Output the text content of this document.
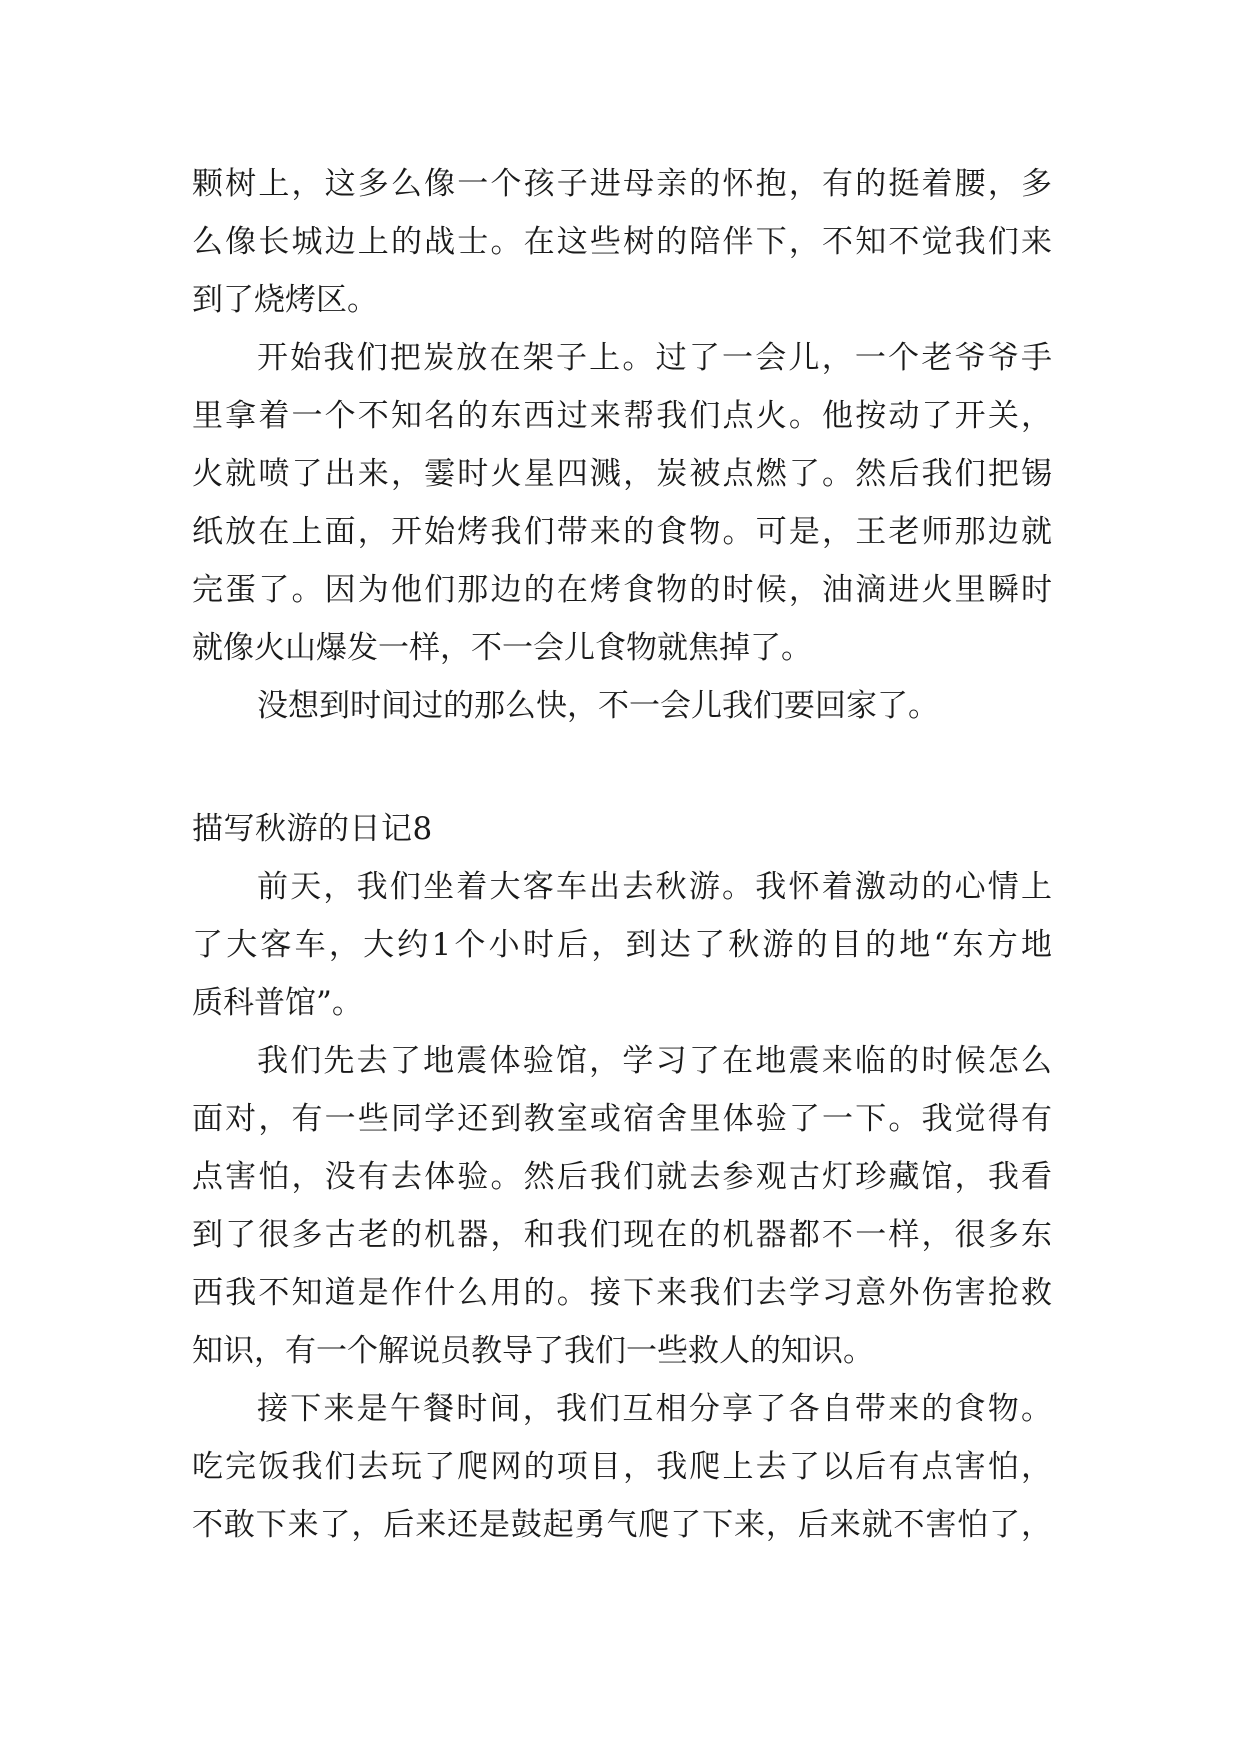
颗树上，这多么像一个孩子进母亲的怀抱，有的挺着腰，多
么像长城边上的战士。在这些树的陪伴下，不知不觉我们来
到了烧烤区。
开始我们把炭放在架子上。过了一会儿，一个老爷爷手
里拿着一个不知名的东西过来帮我们点火。他按动了开关，
火就喷了出来，霎时火星四溅，炭被点燃了。然后我们把锡
纸放在上面，开始烤我们带来的食物。可是，王老师那边就
完蛋了。因为他们那边的在烤食物的时候，油滴进火里瞬时
就像火山爆发一样，不一会儿食物就焦掉了。
没想到时间过的那么快，不一会儿我们要回家了。
描写秋游的日记8
前天，我们坐着大客车出去秋游。我怀着激动的心情上
了大客车，大约1个小时后，到达了秋游的目的地“东方地
质科普馆”。
我们先去了地震体验馆，学习了在地震来临的时候怎么
面对，有一些同学还到教室或宿舍里体验了一下。我觉得有
点害怕，没有去体验。然后我们就去参观古灯珍藏馆，我看
到了很多古老的机器，和我们现在的机器都不一样，很多东
西我不知道是作什么用的。接下来我们去学习意外伤害抢救
知识，有一个解说员教导了我们一些救人的知识。
接下来是午餐时间，我们互相分享了各自带来的食物。
吃完饭我们去玩了爬网的项目，我爬上去了以后有点害怕，
不敢下来了，后来还是鼓起勇气爬了下来，后来就不害怕了，
